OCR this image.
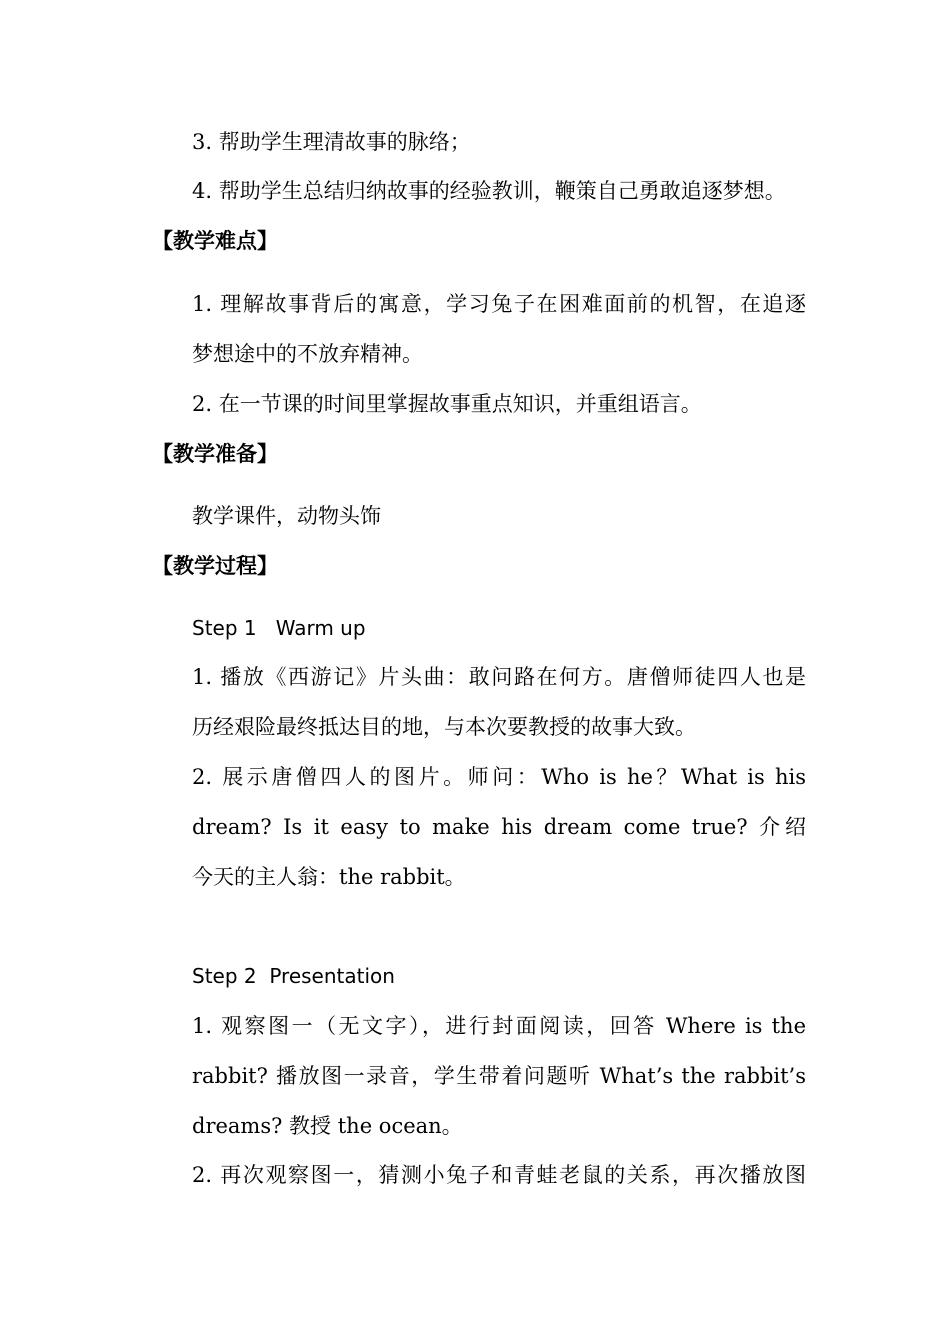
3. 帮助学生理清故事的脉络；
4. 帮助学生总结归纳故事的经验教训，鞭策自己勇敢追逐梦想。
【教学难点】
1. 理解故事背后的寓意，学习兔子在困难面前的机智，在追逐
梦想途中的不放弃精神。
2. 在一节课的时间里掌握故事重点知识，并重组语言。
【教学准备】
教学课件，动物头饰
【教学过程】
Step 1   Warm up
1. 播放《西游记》片头曲：敢问路在何方。唐僧师徒四人也是
历经艰险最终抵达目的地，与本次要教授的故事大致。
2. 展示唐僧四人的图片。师问：Who is he？What is his
dream? Is it easy to make his dream come true? 介绍
今天的主人翁：the rabbit。
Step 2  Presentation
1. 观察图一（无文字），进行封面阅读，回答 Where is the
rabbit? 播放图一录音，学生带着问题听 What’s the rabbit’s
dreams? 教授 the ocean。
2. 再次观察图一，猜测小兔子和青蛙老鼠的关系，再次播放图
